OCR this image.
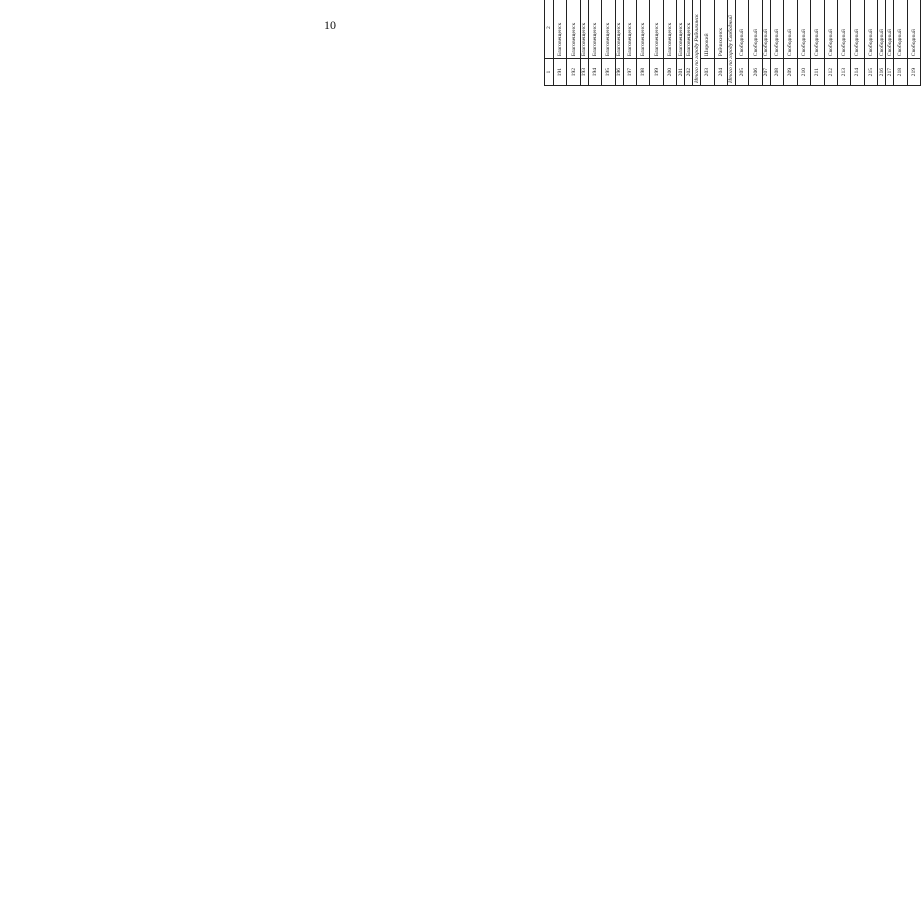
10
1	2										
191	Благовещенск										
192	Благовещенск										
193	Благовещенск										
194	Благовещенск										
195	Благовещенск										
196	Благовещенск										
197	Благовещенск										
198	Благовещенск										
199	Благовещенск										
200	Благовещенск										
201	Благовещенск										
202	Благовещенск										
Итого по городу Райчихинск									
203	Широкий										
204	Райчихинск										
Итого по городу Свободный									
205	Свободный										
206	Свободный										
207	Свободный										
208	Свободный										
209	Свободный										
210	Свободный										
211	Свободный										
212	Свободный										
213	Свободный										
214	Свободный										
215	Свободный										
216	Свободный										
217	Свободный										
218	Свободный										
219	Свободный										
